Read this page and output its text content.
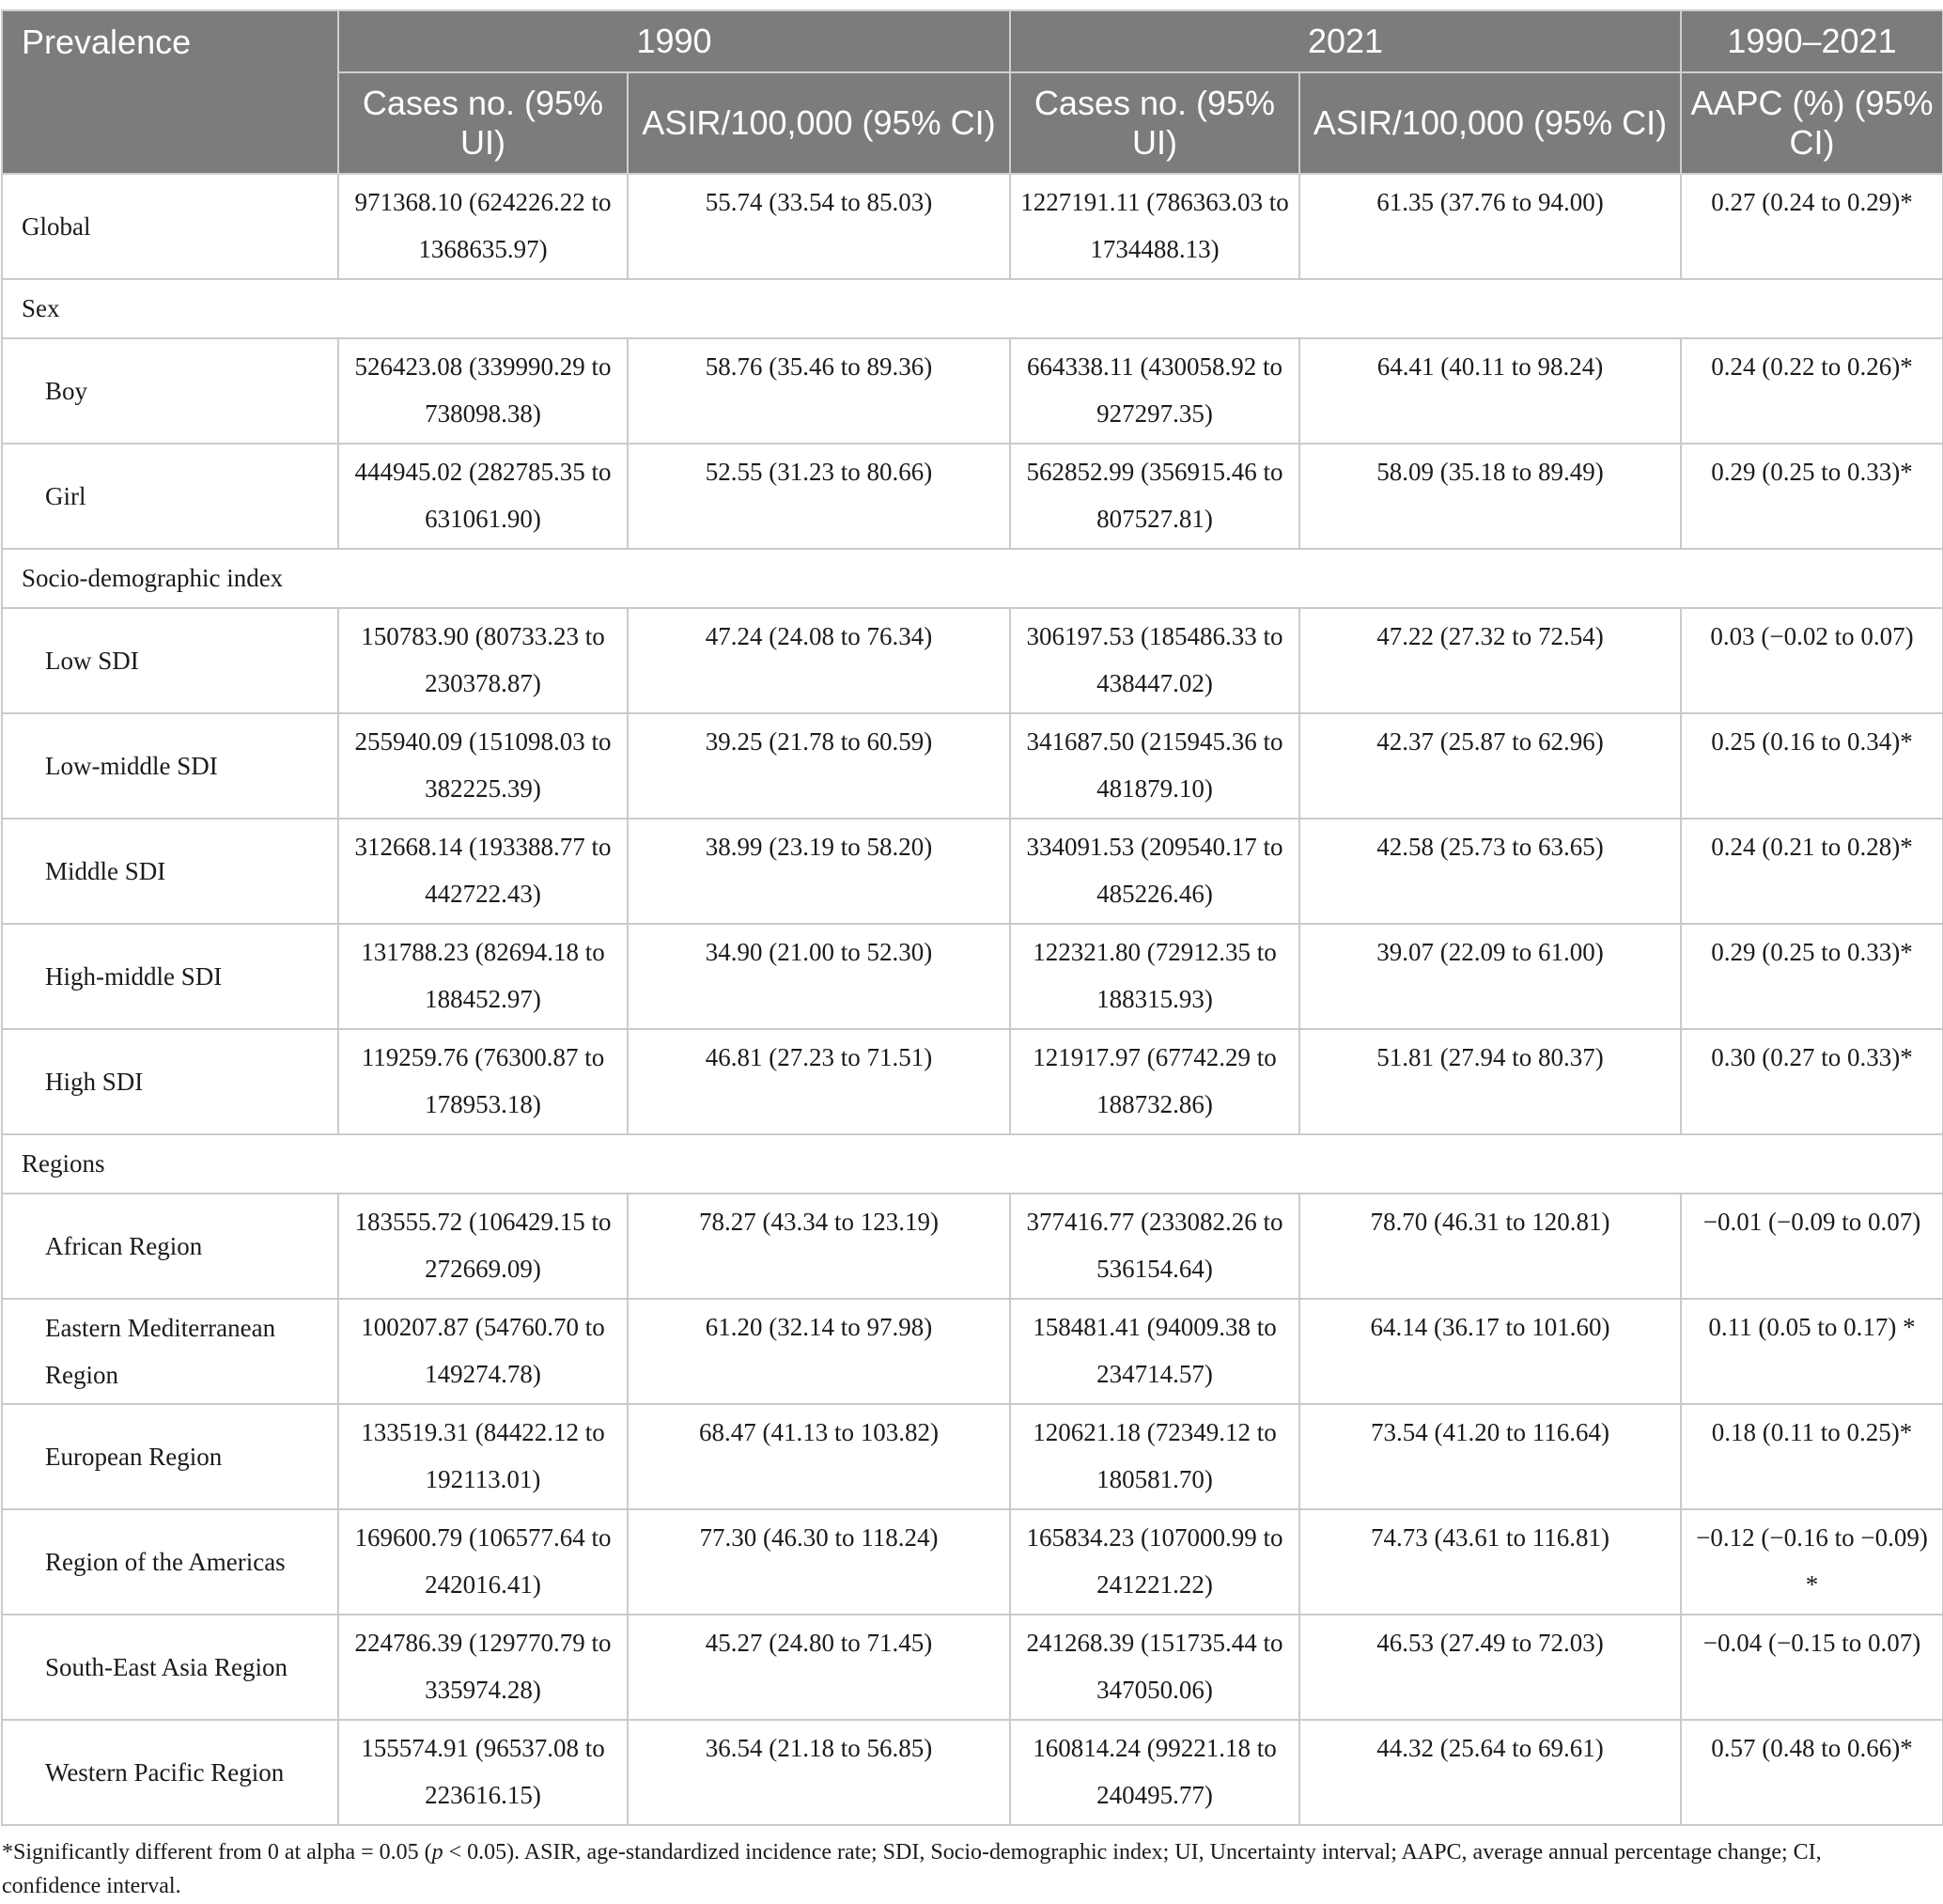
Prevalence	1990		2021		1990–2021
	Cases no. (95% UI)	ASIR/100,000 (95% CI)	Cases no. (95% UI)	ASIR/100,000 (95% CI)	AAPC (%) (95% CI)
Global	971368.10 (624226.22 to 1368635.97)	55.74 (33.54 to 85.03)	1227191.11 (786363.03 to 1734488.13)	61.35 (37.76 to 94.00)	0.27 (0.24 to 0.29)*
Sex					
Boy	526423.08 (339990.29 to 738098.38)	58.76 (35.46 to 89.36)	664338.11 (430058.92 to 927297.35)	64.41 (40.11 to 98.24)	0.24 (0.22 to 0.26)*
Girl	444945.02 (282785.35 to 631061.90)	52.55 (31.23 to 80.66)	562852.99 (356915.46 to 807527.81)	58.09 (35.18 to 89.49)	0.29 (0.25 to 0.33)*
Socio-demographic index					
Low SDI	150783.90 (80733.23 to 230378.87)	47.24 (24.08 to 76.34)	306197.53 (185486.33 to 438447.02)	47.22 (27.32 to 72.54)	0.03 (−0.02 to 0.07)
Low-middle SDI	255940.09 (151098.03 to 382225.39)	39.25 (21.78 to 60.59)	341687.50 (215945.36 to 481879.10)	42.37 (25.87 to 62.96)	0.25 (0.16 to 0.34)*
Middle SDI	312668.14 (193388.77 to 442722.43)	38.99 (23.19 to 58.20)	334091.53 (209540.17 to 485226.46)	42.58 (25.73 to 63.65)	0.24 (0.21 to 0.28)*
High-middle SDI	131788.23 (82694.18 to 188452.97)	34.90 (21.00 to 52.30)	122321.80 (72912.35 to 188315.93)	39.07 (22.09 to 61.00)	0.29 (0.25 to 0.33)*
High SDI	119259.76 (76300.87 to 178953.18)	46.81 (27.23 to 71.51)	121917.97 (67742.29 to 188732.86)	51.81 (27.94 to 80.37)	0.30 (0.27 to 0.33)*
Regions					
African Region	183555.72 (106429.15 to 272669.09)	78.27 (43.34 to 123.19)	377416.77 (233082.26 to 536154.64)	78.70 (46.31 to 120.81)	−0.01 (−0.09 to 0.07)
Eastern Mediterranean Region	100207.87 (54760.70 to 149274.78)	61.20 (32.14 to 97.98)	158481.41 (94009.38 to 234714.57)	64.14 (36.17 to 101.60)	0.11 (0.05 to 0.17) *
European Region	133519.31 (84422.12 to 192113.01)	68.47 (41.13 to 103.82)	120621.18 (72349.12 to 180581.70)	73.54 (41.20 to 116.64)	0.18 (0.11 to 0.25)*
Region of the Americas	169600.79 (106577.64 to 242016.41)	77.30 (46.30 to 118.24)	165834.23 (107000.99 to 241221.22)	74.73 (43.61 to 116.81)	−0.12 (−0.16 to −0.09) *
South-East Asia Region	224786.39 (129770.79 to 335974.28)	45.27 (24.80 to 71.45)	241268.39 (151735.44 to 347050.06)	46.53 (27.49 to 72.03)	−0.04 (−0.15 to 0.07)
Western Pacific Region	155574.91 (96537.08 to 223616.15)	36.54 (21.18 to 56.85)	160814.24 (99221.18 to 240495.77)	44.32 (25.64 to 69.61)	0.57 (0.48 to 0.66)*

*Significantly different from 0 at alpha = 0.05 (p < 0.05). ASIR, age-standardized incidence rate; SDI, Socio-demographic index; UI, Uncertainty interval; AAPC, average annual percentage change; CI, confidence interval.
